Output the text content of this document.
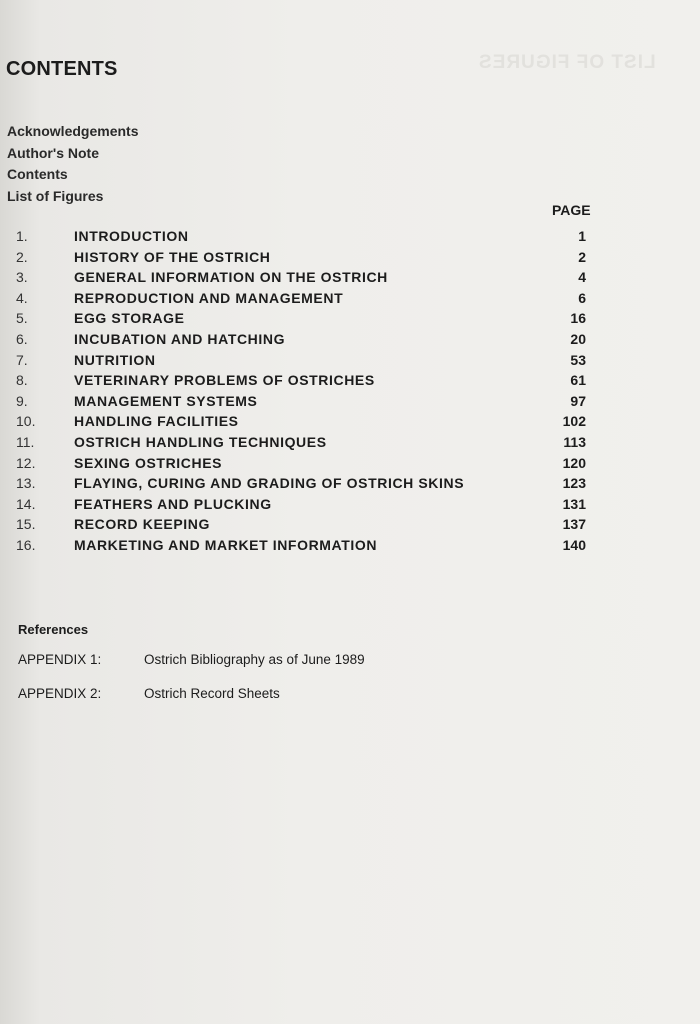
LIST OF FIGURES
CONTENTS
Acknowledgements
Author's Note
Contents
List of Figures
PAGE
1.	INTRODUCTION	1
2.	HISTORY OF THE OSTRICH	2
3.	GENERAL INFORMATION ON THE OSTRICH	4
4.	REPRODUCTION AND MANAGEMENT	6
5.	EGG STORAGE	16
6.	INCUBATION AND HATCHING	20
7.	NUTRITION	53
8.	VETERINARY PROBLEMS OF OSTRICHES	61
9.	MANAGEMENT SYSTEMS	97
10.	HANDLING FACILITIES	102
11.	OSTRICH HANDLING TECHNIQUES	113
12.	SEXING OSTRICHES	120
13.	FLAYING, CURING AND GRADING OF OSTRICH SKINS	123
14.	FEATHERS AND PLUCKING	131
15.	RECORD KEEPING	137
16.	MARKETING AND MARKET INFORMATION	140
References
APPENDIX 1:	Ostrich Bibliography as of June 1989
APPENDIX 2:	Ostrich Record Sheets
